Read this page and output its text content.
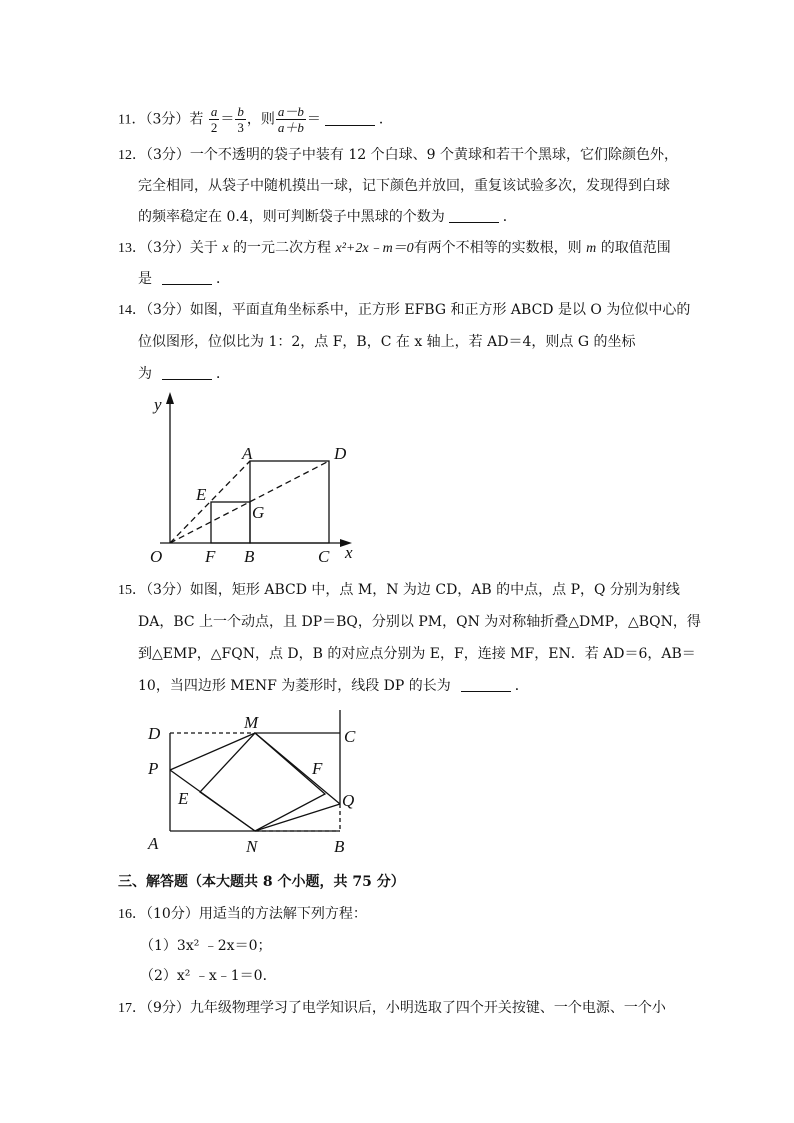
11．（3分）若 $\frac{a}{2} = \frac{b}{3}$ ，则 $\frac{a-b}{a+b}$ ＝	．
12．（3分）一个不透明的袋子中装有 12 个白球、9 个黄球和若干个黑球，它们除颜色外，
完全相同，从袋子中随机摸出一球，记下颜色并放回，重复该试验多次，发现得到白球
的频率稳定在 0.4，则可判断袋子中黑球的个数为	．
13．（3分）关于 x 的一元二次方程 x²+2x﹣m＝0有两个不相等的实数根，则 m 的取值范围
是	．
14．（3分）如图，平面直角坐标系中，正方形 EFBG 和正方形 ABCD 是以 O 为位似中心的
位似图形，位似比为 1：2，点 F，B，C 在 x 轴上，若 AD＝4，则点 G 的坐标
为	．
y
x
O	F B	C
E
G
A	D
15．（3分）如图，矩形 ABCD 中，点 M，N 为边 CD，AB 的中点，点 P，Q 分别为射线
DA，BC 上一个动点，且 DP＝BQ，分别以 PM，QN 为对称轴折叠△DMP，△BQN，得
到△EMP，△FQN，点 D，B 的对应点分别为 E，F，连接 MF，EN．若 AD＝6，AB＝
10，当四边形 MENF 为菱形时，线段 DP 的长为	．
D
M
C
P	F
E	Q
A	N	B
三、解答题（本大题共 8 个小题，共 75 分）
16．（10分）用适当的方法解下列方程：
（1）3x² ﹣2x＝0；
（2）x² ﹣x﹣1＝0．
17．（9分）九年级物理学习了电学知识后，小明选取了四个开关按键、一个电源、一个小
